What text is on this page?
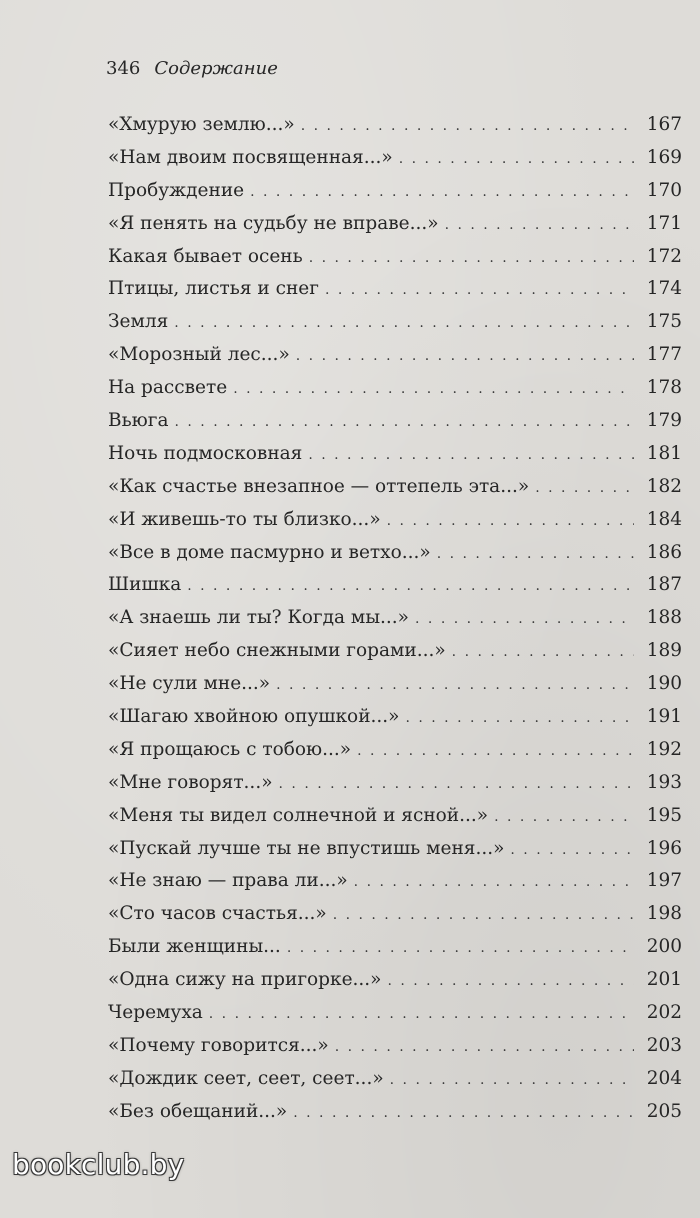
346 Содержание
«Хмурую землю...» . . .	167
«Нам двоим посвященная...» . . .	169
Пробуждение . . .	170
«Я пенять на судьбу не вправе...» . . .	171
Какая бывает осень . . .	172
Птицы, листья и снег . . .	174
Земля . . .	175
«Морозный лес...» . . .	177
На рассвете . . .	178
Вьюга . . .	179
Ночь подмосковная . . .	181
«Как счастье внезапное — оттепель эта...» . . .	182
«И живешь-то ты близко...» . . .	184
«Все в доме пасмурно и ветхо...» . . .	186
Шишка . . .	187
«А знаешь ли ты? Когда мы...» . . .	188
«Сияет небо снежными горами...» . . .	189
«Не сули мне...» . . .	190
«Шагаю хвойною опушкой...» . . .	191
«Я прощаюсь с тобою...» . . .	192
«Мне говорят...» . . .	193
«Меня ты видел солнечной и ясной...» . . .	195
«Пускай лучше ты не впустишь меня...» . . .	196
«Не знаю — права ли...» . . .	197
«Сто часов счастья...» . . .	198
Были женщины... . . .	200
«Одна сижу на пригорке...» . . .	201
Черемуха . . .	202
«Почему говорится...» . . .	203
«Дождик сеет, сеет, сеет...» . . .	204
«Без обещаний...» . . .	205
bookclub.by
